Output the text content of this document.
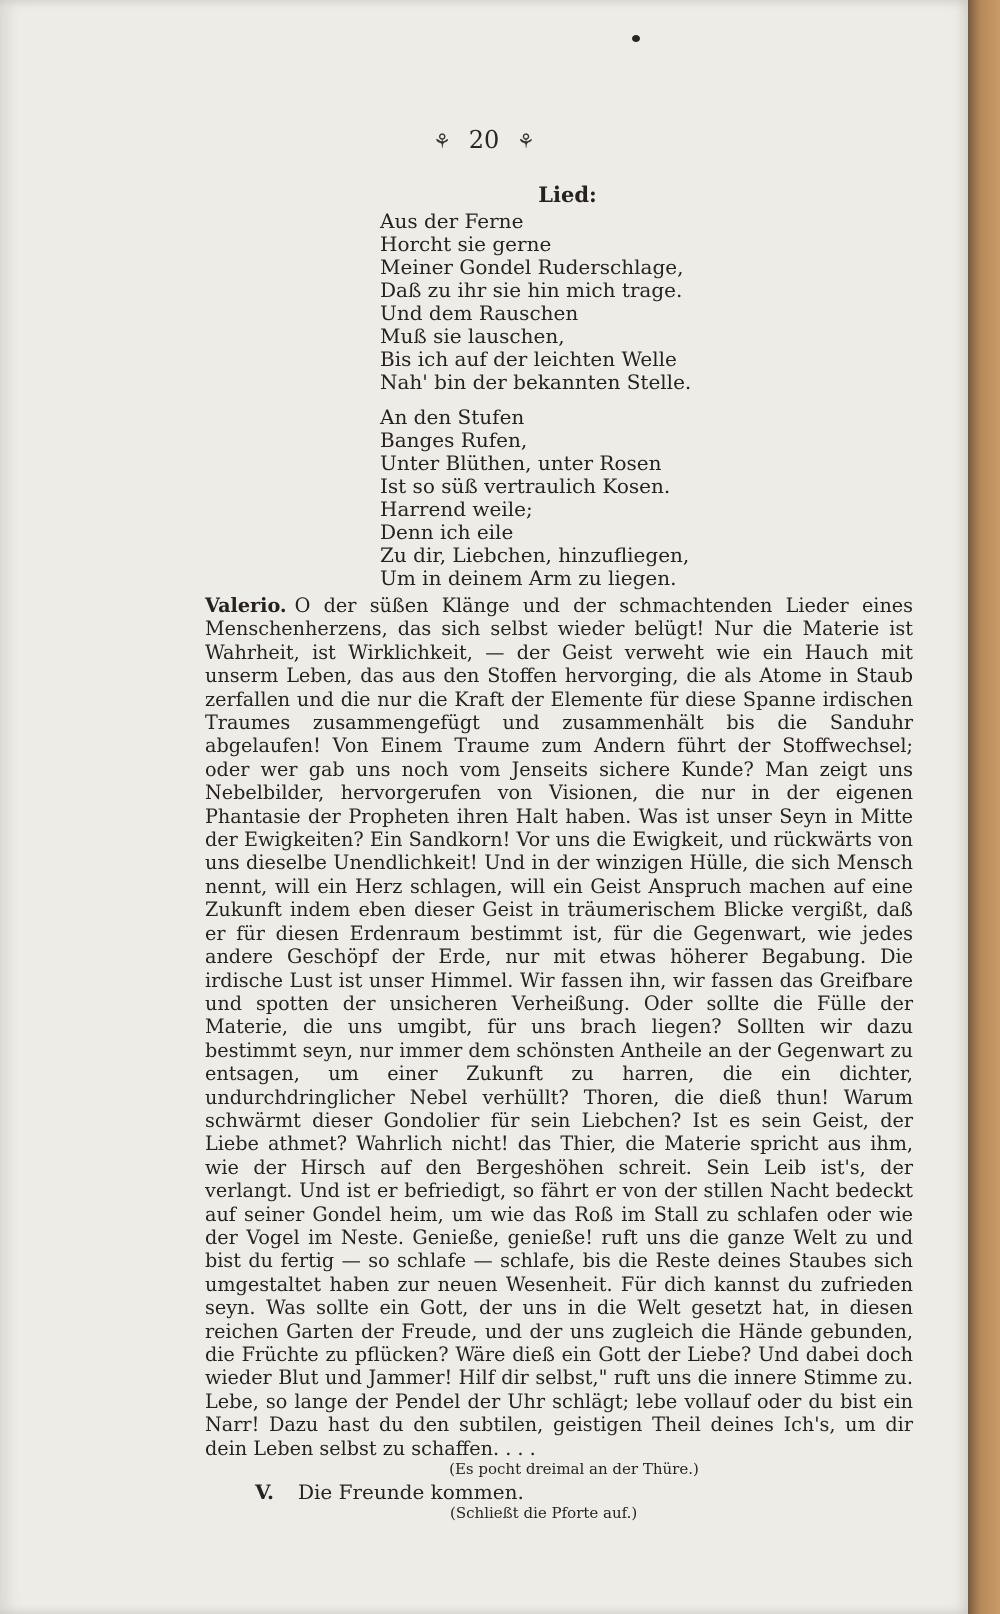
⚘ 20 ⚘
Lied:
Aus der Ferne
Horcht sie gerne
Meiner Gondel Ruderschlage,
Daß zu ihr sie hin mich trage.
Und dem Rauschen
Muß sie lauschen,
Bis ich auf der leichten Welle
Nah' bin der bekannten Stelle.
An den Stufen
Banges Rufen,
Unter Blüthen, unter Rosen
Ist so süß vertraulich Kosen.
Harrend weile;
Denn ich eile
Zu dir, Liebchen, hinzufliegen,
Um in deinem Arm zu liegen.
Valerio. O der süßen Klänge und der schmachtenden Lieder eines Menschenherzens, das sich selbst wieder belügt! Nur die Materie ist Wahrheit, ist Wirklichkeit, — der Geist verweht wie ein Hauch mit unserm Leben, das aus den Stoffen hervorging, die als Atome in Staub zerfallen und die nur die Kraft der Elemente für diese Spanne irdischen Traumes zusammengefügt und zusammenhält bis die Sanduhr abgelaufen! Von Einem Traume zum Andern führt der Stoffwechsel; oder wer gab uns noch vom Jenseits sichere Kunde? Man zeigt uns Nebelbilder, hervorgerufen von Visionen, die nur in der eigenen Phantasie der Propheten ihren Halt haben. Was ist unser Seyn in Mitte der Ewigkeiten? Ein Sandkorn! Vor uns die Ewigkeit, und rückwärts von uns dieselbe Unendlichkeit! Und in der winzigen Hülle, die sich Mensch nennt, will ein Herz schlagen, will ein Geist Anspruch machen auf eine Zukunft indem eben dieser Geist in träumerischem Blicke vergißt, daß er für diesen Erdenraum bestimmt ist, für die Gegenwart, wie jedes andere Geschöpf der Erde, nur mit etwas höherer Begabung. Die irdische Lust ist unser Himmel. Wir fassen ihn, wir fassen das Greifbare und spotten der unsicheren Verheißung. Oder sollte die Fülle der Materie, die uns umgibt, für uns brach liegen? Sollten wir dazu bestimmt seyn, nur immer dem schönsten Antheile an der Gegenwart zu entsagen, um einer Zukunft zu harren, die ein dichter, undurchdringlicher Nebel verhüllt? Thoren, die dieß thun! Warum schwärmt dieser Gondolier für sein Liebchen? Ist es sein Geist, der Liebe athmet? Wahrlich nicht! das Thier, die Materie spricht aus ihm, wie der Hirsch auf den Bergeshöhen schreit. Sein Leib ist's, der verlangt. Und ist er befriedigt, so fährt er von der stillen Nacht bedeckt auf seiner Gondel heim, um wie das Roß im Stall zu schlafen oder wie der Vogel im Neste. Genieße, genieße! ruft uns die ganze Welt zu und bist du fertig — so schlafe — schlafe, bis die Reste deines Staubes sich umgestaltet haben zur neuen Wesenheit. Für dich kannst du zufrieden seyn. Was sollte ein Gott, der uns in die Welt gesetzt hat, in diesen reichen Garten der Freude, und der uns zugleich die Hände gebunden, die Früchte zu pflücken? Wäre dieß ein Gott der Liebe? Und dabei doch wieder Blut und Jammer! Hilf dir selbst," ruft uns die innere Stimme zu. Lebe, so lange der Pendel der Uhr schlägt; lebe vollauf oder du bist ein Narr! Dazu hast du den subtilen, geistigen Theil deines Ich's, um dir dein Leben selbst zu schaffen. . . .
(Es pocht dreimal an der Thüre.)
V. Die Freunde kommen.
(Schließt die Pforte auf.)
